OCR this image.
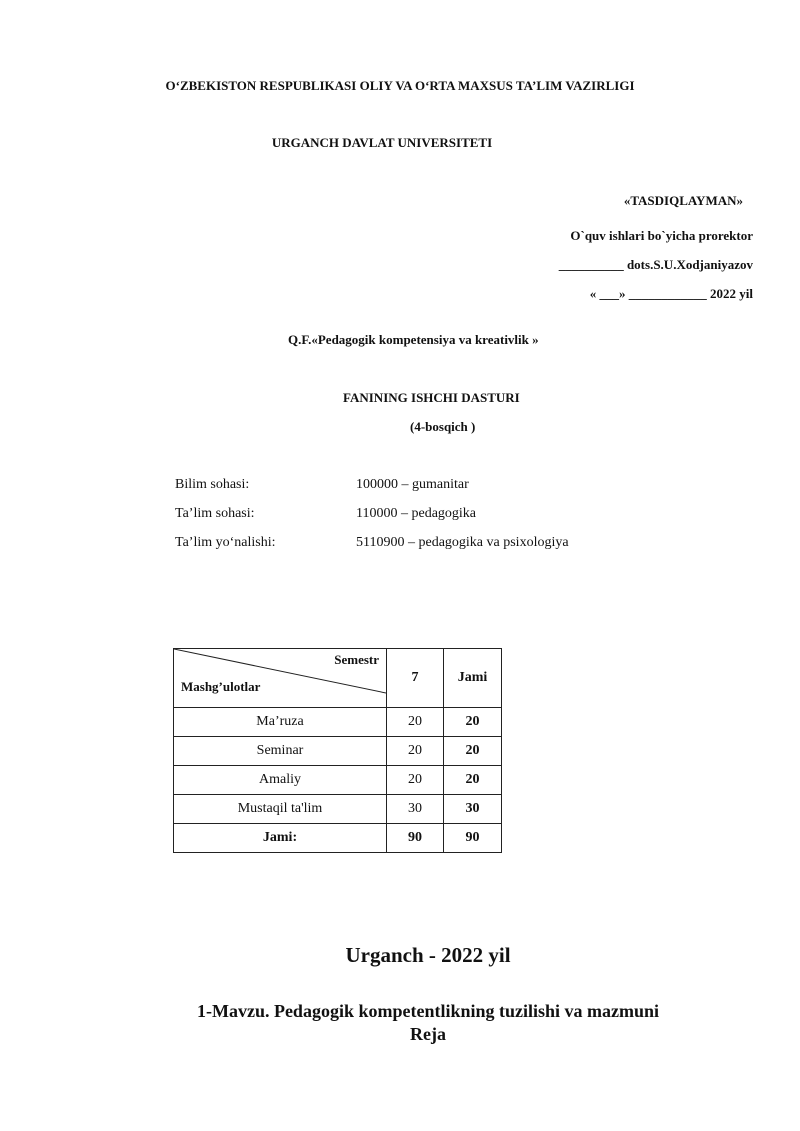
O‘ZBEKISTON RESPUBLIKASI OLIY VA O‘RTA MAXSUS TA’LIM VAZIRLIGI
URGANCH DAVLAT UNIVERSITETI
«TASDIQLAYMAN»
O`quv ishlari bo`yicha prorektor
__________ dots.S.U.Xodjaniyazov
« ___» ____________ 2022 yil
Q.F.«Pedagogik kompetensiya va kreativlik »
FANINING ISHCHI DASTURI
(4-bosqich )
Bilim sohasi:	100000 – gumanitar
Ta’lim sohasi:	110000 – pedagogika
Ta’lim yo‘nalishi:	5110900 – pedagogika va psixologiya
Semestr
Mashg’ulotlar	7	Jami
Ma’ruza	20	20
Seminar	20	20
Amaliy	20	20
Mustaqil ta'lim	30	30
Jami:	90	90
Urganch - 2022 yil
1-Mavzu. Pedagogik kompetentlikning tuzilishi va mazmuni
Reja
